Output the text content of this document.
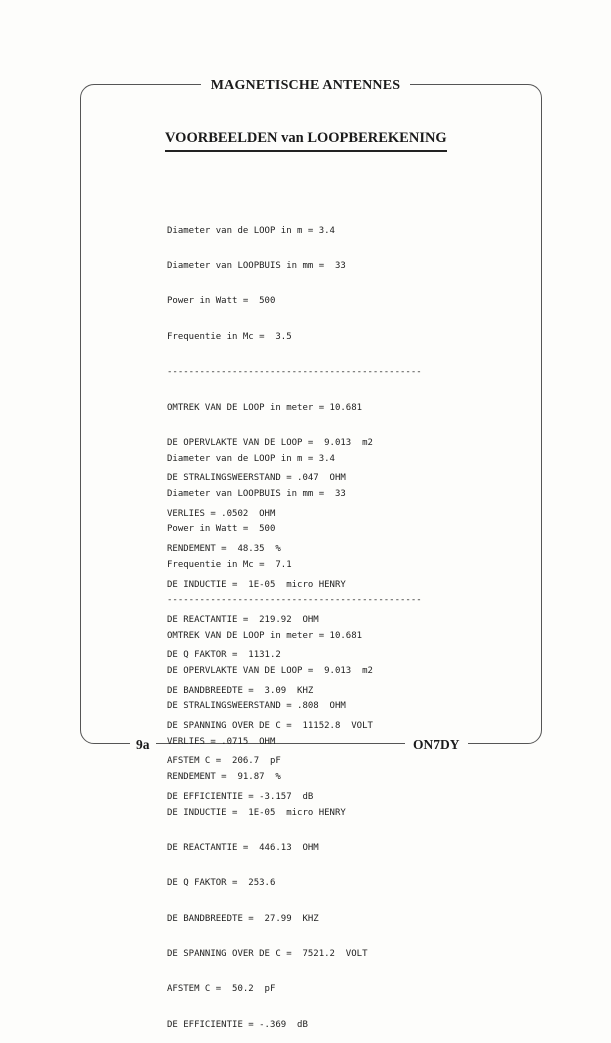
MAGNETISCHE ANTENNES
VOORBEELDEN van LOOPBEREKENING

Diameter van de LOOP in m = 3.4

Diameter van LOOPBUIS in mm =  33

Power in Watt =  500

Frequentie in Mc =  3.5

-----------------------------------------------

OMTREK VAN DE LOOP in meter = 10.681

DE OPERVLAKTE VAN DE LOOP =  9.013  m2

DE STRALINGSWEERSTAND = .047  OHM

VERLIES = .0502  OHM

RENDEMENT =  48.35  %

DE INDUCTIE =  1E-05  micro HENRY

DE REACTANTIE =  219.92  OHM

DE Q FAKTOR =  1131.2

DE BANDBREEDTE =  3.09  KHZ

DE SPANNING OVER DE C =  11152.8  VOLT

AFSTEM C =  206.7  pF

DE EFFICIENTIE = -3.157  dB

Diameter van de LOOP in m = 3.4

Diameter van LOOPBUIS in mm =  33

Power in Watt =  500

Frequentie in Mc =  7.1

-----------------------------------------------

OMTREK VAN DE LOOP in meter = 10.681

DE OPERVLAKTE VAN DE LOOP =  9.013  m2

DE STRALINGSWEERSTAND = .808  OHM

VERLIES = .0715  OHM

RENDEMENT =  91.87  %

DE INDUCTIE =  1E-05  micro HENRY

DE REACTANTIE =  446.13  OHM

DE Q FAKTOR =  253.6

DE BANDBREEDTE =  27.99  KHZ

DE SPANNING OVER DE C =  7521.2  VOLT

AFSTEM C =  50.2  pF

DE EFFICIENTIE = -.369  dB

9a	ON7DY
